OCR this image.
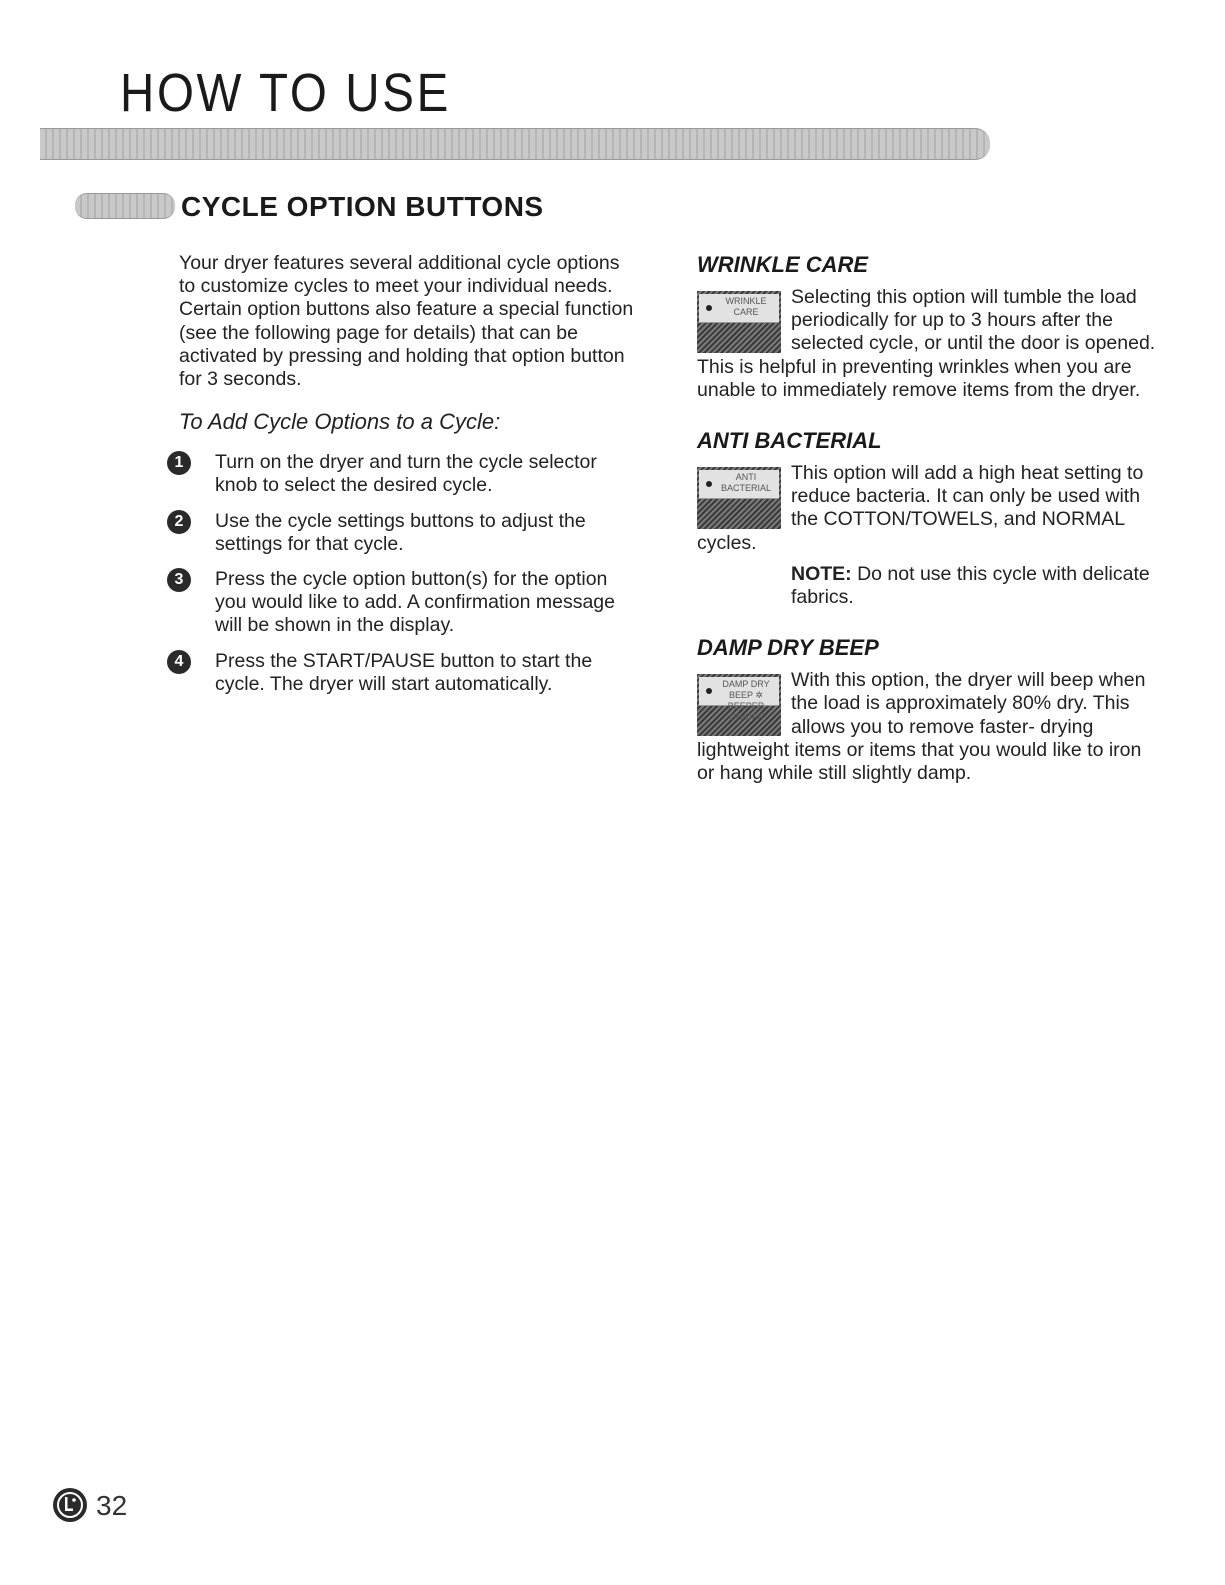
HOW TO USE
CYCLE OPTION BUTTONS

Your dryer features several additional cycle options to customize cycles to meet your individual needs. Certain option buttons also feature a special function (see the following page for details) that can be activated by pressing and holding that option button for 3 seconds.

To Add Cycle Options to a Cycle:
1	Turn on the dryer and turn the cycle selector knob to select the desired cycle.
2	Use the cycle settings buttons to adjust the settings for that cycle.
3	Press the cycle option button(s) for the option you would like to add. A confirmation message will be shown in the display.
4	Press the START/PAUSE button to start the cycle. The dryer will start automatically.
WRINKLE CARE
WRINKLE CARE

Selecting this option will tumble the load periodically for up to 3 hours after the selected cycle, or until the door is opened. This is helpful in preventing wrinkles when you are unable to immediately remove items from the dryer.

ANTI BACTERIAL
ANTI BACTERIAL

This option will add a high heat setting to reduce bacteria. It can only be used with the COTTON/TOWELS, and NORMAL cycles.

NOTE: Do not use this cycle with delicate fabrics.

DAMP DRY BEEP
DAMP DRY BEEP ✲ BEEPER ON/OFF

With this option, the dryer will beep when the load is approximately 80% dry. This allows you to remove faster- drying lightweight items or items that you would like to iron or hang while still slightly damp.

32
